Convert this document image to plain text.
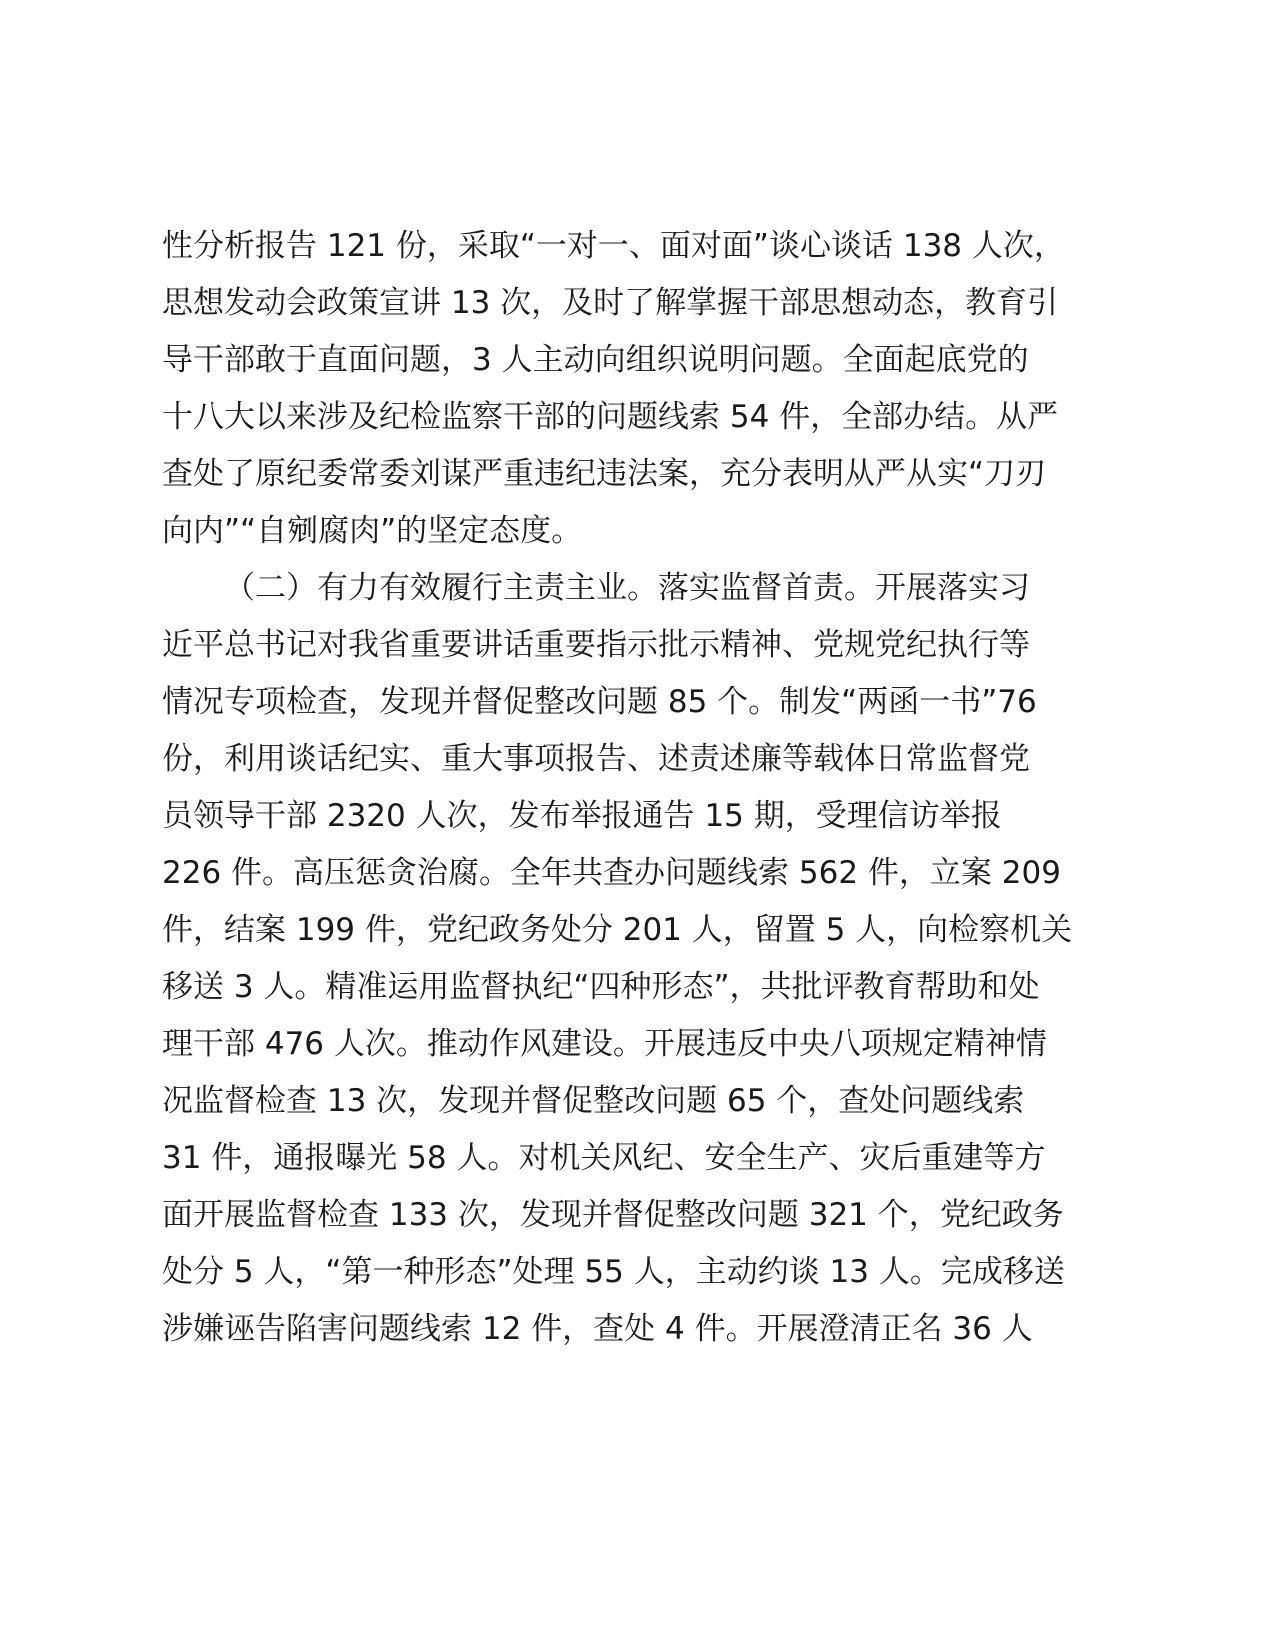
性分析报告 121 份，采取“一对一、面对面”谈心谈话 138 人次，
思想发动会政策宣讲 13 次，及时了解掌握干部思想动态，教育引
导干部敢于直面问题，3 人主动向组织说明问题。全面起底党的
十八大以来涉及纪检监察干部的问题线索 54 件，全部办结。从严
查处了原纪委常委刘谋严重违纪违法案，充分表明从严从实“刀刃
向内”“自剜腐肉”的坚定态度。
（二）有力有效履行主责主业。落实监督首责。开展落实习
近平总书记对我省重要讲话重要指示批示精神、党规党纪执行等
情况专项检查，发现并督促整改问题 85 个。制发“两函一书”76
份，利用谈话纪实、重大事项报告、述责述廉等载体日常监督党
员领导干部 2320 人次，发布举报通告 15 期，受理信访举报
226 件。高压惩贪治腐。全年共查办问题线索 562 件，立案 209
件，结案 199 件，党纪政务处分 201 人，留置 5 人，向检察机关
移送 3 人。精准运用监督执纪“四种形态”，共批评教育帮助和处
理干部 476 人次。推动作风建设。开展违反中央八项规定精神情
况监督检查 13 次，发现并督促整改问题 65 个，查处问题线索
31 件，通报曝光 58 人。对机关风纪、安全生产、灾后重建等方
面开展监督检查 133 次，发现并督促整改问题 321 个，党纪政务
处分 5 人，“第一种形态”处理 55 人，主动约谈 13 人。完成移送
涉嫌诬告陷害问题线索 12 件，查处 4 件。开展澄清正名 36 人
